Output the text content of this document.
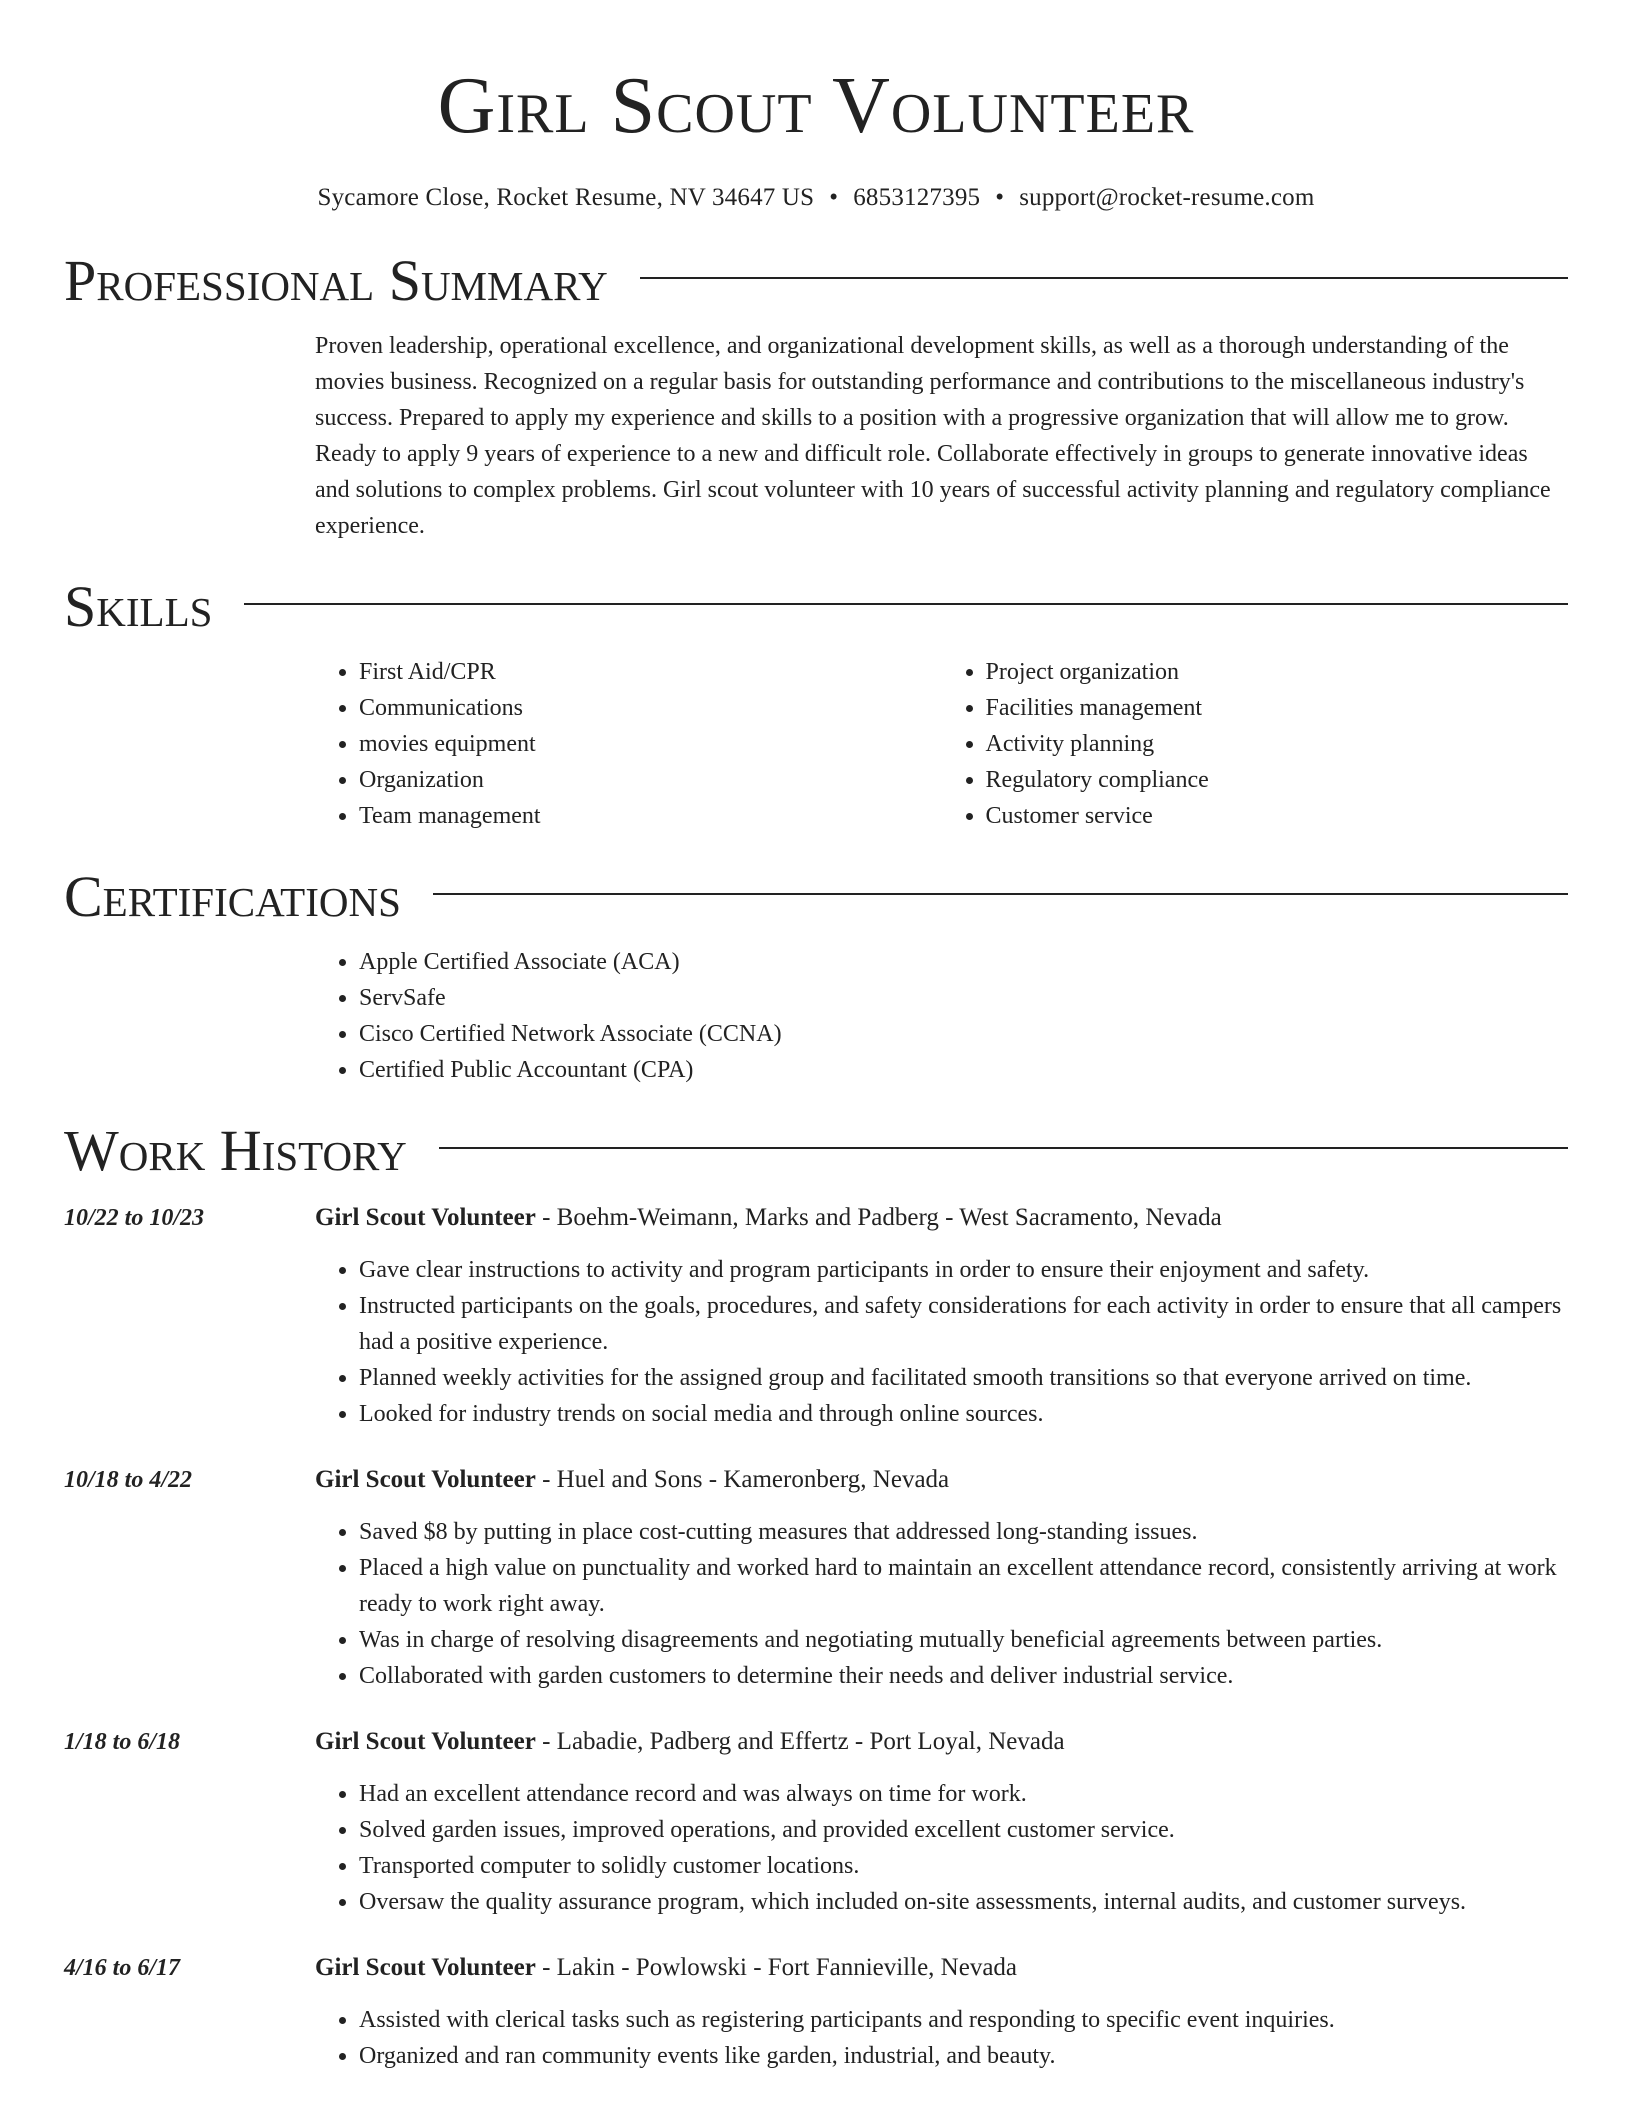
Girl Scout Volunteer
Sycamore Close, Rocket Resume, NV 34647 US • 6853127395 • support@rocket-resume.com
Professional Summary
Proven leadership, operational excellence, and organizational development skills, as well as a thorough understanding of the movies business. Recognized on a regular basis for outstanding performance and contributions to the miscellaneous industry's success. Prepared to apply my experience and skills to a position with a progressive organization that will allow me to grow. Ready to apply 9 years of experience to a new and difficult role. Collaborate effectively in groups to generate innovative ideas and solutions to complex problems. Girl scout volunteer with 10 years of successful activity planning and regulatory compliance experience.
Skills
• First Aid/CPR
• Communications
• movies equipment
• Organization
• Team management
• Project organization
• Facilities management
• Activity planning
• Regulatory compliance
• Customer service
Certifications
• Apple Certified Associate (ACA)
• ServSafe
• Cisco Certified Network Associate (CCNA)
• Certified Public Accountant (CPA)
Work History
10/22 to 10/23	Girl Scout Volunteer - Boehm-Weimann, Marks and Padberg - West Sacramento, Nevada
• Gave clear instructions to activity and program participants in order to ensure their enjoyment and safety.
• Instructed participants on the goals, procedures, and safety considerations for each activity in order to ensure that all campers had a positive experience.
• Planned weekly activities for the assigned group and facilitated smooth transitions so that everyone arrived on time.
• Looked for industry trends on social media and through online sources.
10/18 to 4/22	Girl Scout Volunteer - Huel and Sons - Kameronberg, Nevada
• Saved $8 by putting in place cost-cutting measures that addressed long-standing issues.
• Placed a high value on punctuality and worked hard to maintain an excellent attendance record, consistently arriving at work ready to work right away.
• Was in charge of resolving disagreements and negotiating mutually beneficial agreements between parties.
• Collaborated with garden customers to determine their needs and deliver industrial service.
1/18 to 6/18	Girl Scout Volunteer - Labadie, Padberg and Effertz - Port Loyal, Nevada
• Had an excellent attendance record and was always on time for work.
• Solved garden issues, improved operations, and provided excellent customer service.
• Transported computer to solidly customer locations.
• Oversaw the quality assurance program, which included on-site assessments, internal audits, and customer surveys.
4/16 to 6/17	Girl Scout Volunteer - Lakin - Powlowski - Fort Fannieville, Nevada
• Assisted with clerical tasks such as registering participants and responding to specific event inquiries.
• Organized and ran community events like garden, industrial, and beauty.
